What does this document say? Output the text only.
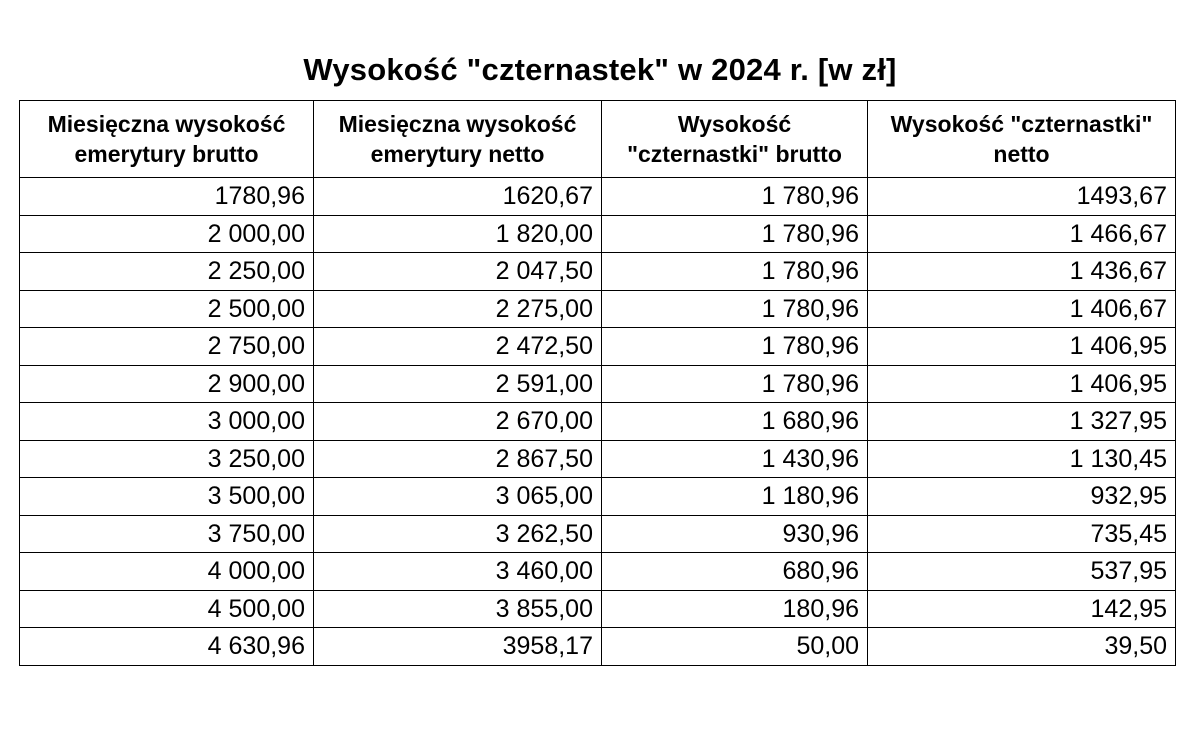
Wysokość "czternastek" w 2024 r. [w zł]
Miesięczna wysokość emerytury brutto	Miesięczna wysokość emerytury netto	Wysokość "czternastki" brutto	Wysokość "czternastki" netto
1780,96	1620,67	1 780,96	1493,67
2 000,00	1 820,00	1 780,96	1 466,67
2 250,00	2 047,50	1 780,96	1 436,67
2 500,00	2 275,00	1 780,96	1 406,67
2 750,00	2 472,50	1 780,96	1 406,95
2 900,00	2 591,00	1 780,96	1 406,95
3 000,00	2 670,00	1 680,96	1 327,95
3 250,00	2 867,50	1 430,96	1 130,45
3 500,00	3 065,00	1 180,96	932,95
3 750,00	3 262,50	930,96	735,45
4 000,00	3 460,00	680,96	537,95
4 500,00	3 855,00	180,96	142,95
4 630,96	3958,17	50,00	39,50
